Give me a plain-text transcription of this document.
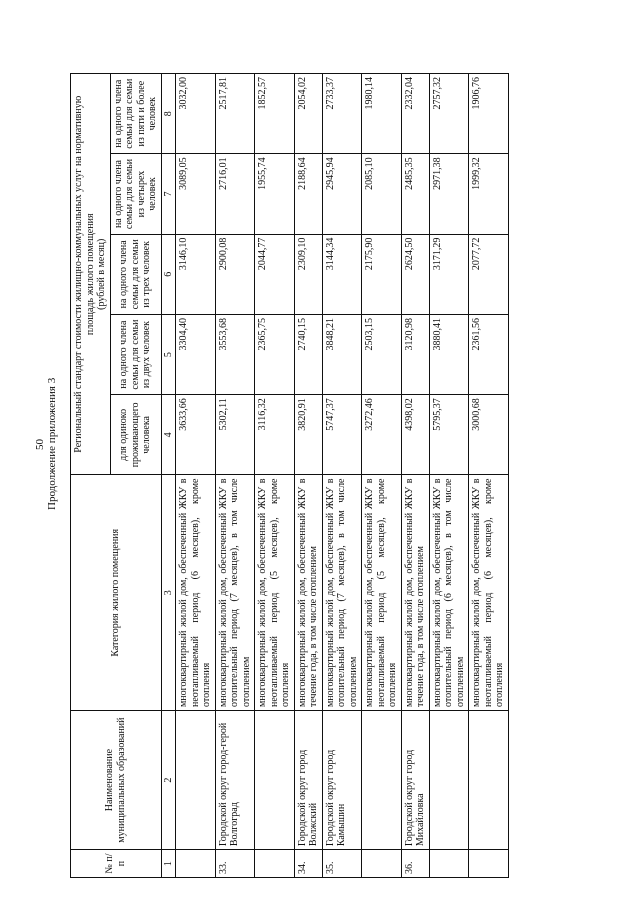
50 Продолжение приложения 3
№ п/п	Наименование муниципальных образований	Категория жилого помещения	Региональный стандарт стоимости жилищно-коммунальных услуг на нормативную площадь жилого помещения (рублей в месяц)				

			для одиноко проживающего человека	на одного члена семьи для семьи из двух человек	на одного члена семьи для семьи из трех человек	на одного члена семьи для семьи из четырех человек	на одного члена семьи для семьи из пяти и более человек
1	2	3	4	5	6	7	8
		многоквартирный жилой дом, обеспеченный ЖКУ в неотапливаемый период (6 месяцев), кроме отопления	3633,66	3304,40	3146,10	3089,05	3032,00
33.	Городской округ город-герой Волгоград	многоквартирный жилой дом, обеспеченный ЖКУ в отопительный период (7 месяцев), в том числе отоплением	5302,11	3553,68	2900,08	2716,01	2517,81
		многоквартирный жилой дом, обеспеченный ЖКУ в неотапливаемый период (5 месяцев), кроме отопления	3116,32	2365,75	2044,77	1955,74	1852,57
34.	Городской округ город Волжский	многоквартирный жилой дом, обеспеченный ЖКУ в течение года, в том числе отоплением	3820,91	2740,15	2309,10	2188,64	2054,02
35.	Городской округ город Камышин	многоквартирный жилой дом, обеспеченный ЖКУ в отопительный период (7 месяцев), в том числе отоплением	5747,37	3848,21	3144,34	2945,94	2733,37
		многоквартирный жилой дом, обеспеченный ЖКУ в неотапливаемый период (5 месяцев), кроме отопления	3272,46	2503,15	2175,90	2085,10	1980,14
36.	Городской округ город Михайловка	многоквартирный жилой дом, обеспеченный ЖКУ в течение года, в том числе отоплением	4398,02	3120,98	2624,50	2485,35	2332,04
		многоквартирный жилой дом, обеспеченный ЖКУ в отопительный период (6 месяцев), в том числе отоплением	5795,37	3880,41	3171,29	2971,38	2757,32
		многоквартирный жилой дом, обеспеченный ЖКУ в неотапливаемый период (6 месяцев), кроме отопления	3000,68	2361,56	2077,72	1999,32	1906,76
